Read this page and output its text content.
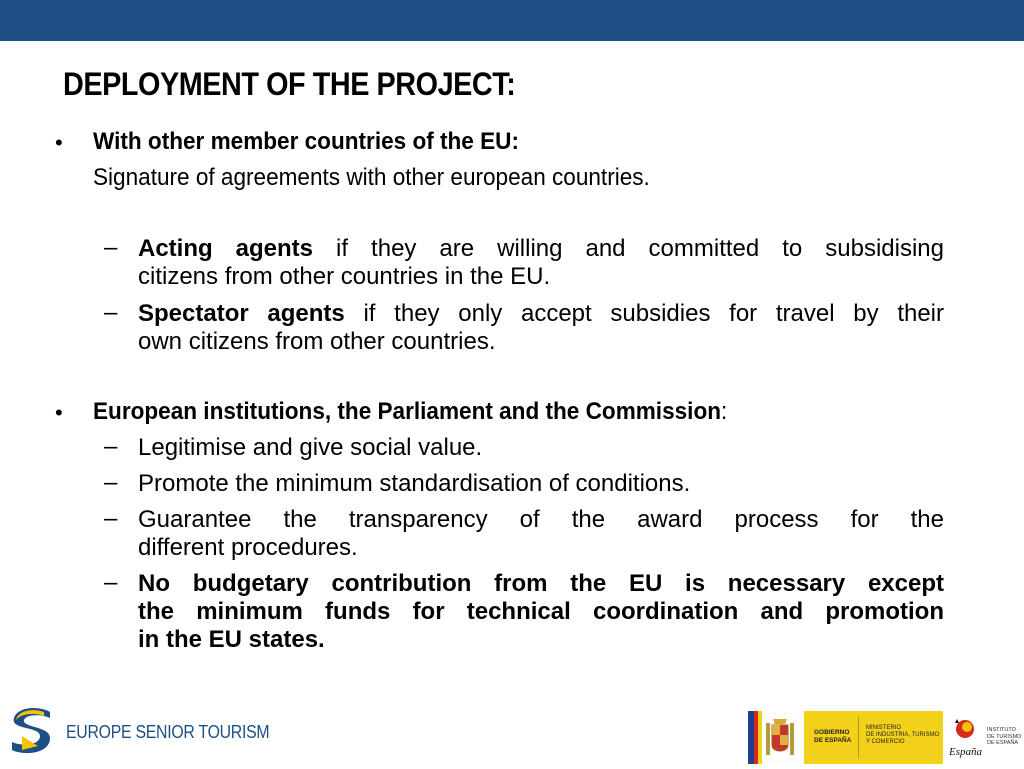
DEPLOYMENT OF THE PROJECT:
• With other member countries of the EU:
Signature of agreements with other european countries.
– Acting agents if they are willing and committed to subsidising
citizens from other countries in the EU.
– Spectator agents if they only accept subsidies for travel by their
own citizens from other countries.
• European institutions, the Parliament and the Commission:
– Legitimise and give social value.
– Promote the minimum standardisation of conditions.
– Guarantee the transparency of the award process for the
different procedures.
– No budgetary contribution from the EU is necessary except
the minimum funds for technical coordination and promotion
in the EU states.
EUROPE SENIOR TOURISM	GOBIERNO
DE ESPAÑA
MINISTERIO
DE INDUSTRIA, TURISMO
Y COMERCIO
España
INSTITUTO
DE TURISMO
DE ESPAÑA
